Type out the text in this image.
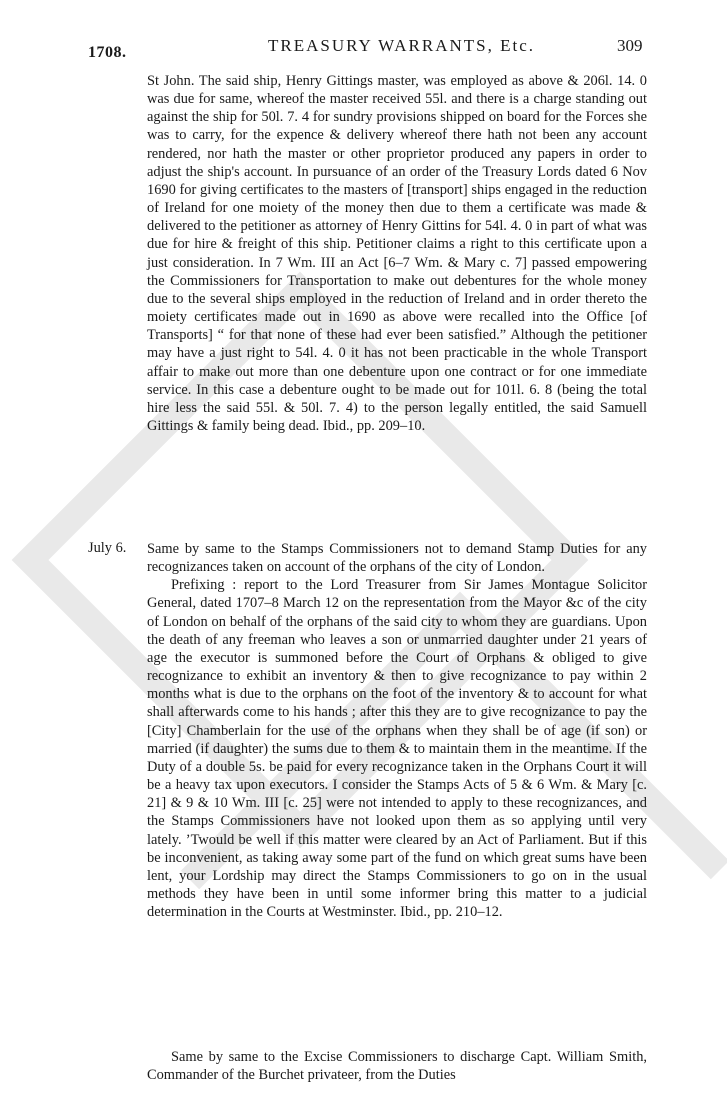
1708.	TREASURY WARRANTS, Etc.	309

St John. The said ship, Henry Gittings master, was employed as above & 206l. 14. 0 was due for same, whereof the master received 55l. and there is a charge standing out against the ship for 50l. 7. 4 for sundry provisions shipped on board for the Forces she was to carry, for the expence & delivery whereof there hath not been any account rendered, nor hath the master or other proprietor produced any papers in order to adjust the ship's account. In pursuance of an order of the Treasury Lords dated 6 Nov 1690 for giving certificates to the masters of [transport] ships engaged in the reduction of Ireland for one moiety of the money then due to them a certificate was made & delivered to the petitioner as attorney of Henry Gittins for 54l. 4. 0 in part of what was due for hire & freight of this ship. Petitioner claims a right to this certificate upon a just consideration. In 7 Wm. III an Act [6–7 Wm. & Mary c. 7] passed empowering the Commissioners for Transportation to make out debentures for the whole money due to the several ships employed in the reduction of Ireland and in order thereto the moiety certificates made out in 1690 as above were recalled into the Office [of Transports] “ for that none of these had ever been satisfied.” Although the petitioner may have a just right to 54l. 4. 0 it has not been practicable in the whole Transport affair to make out more than one debenture upon one contract or for one immediate service. In this case a debenture ought to be made out for 101l. 6. 8 (being the total hire less the said 55l. & 50l. 7. 4) to the person legally entitled, the said Samuell Gittings & family being dead. Ibid., pp. 209–10.

July 6. Same by same to the Stamps Commissioners not to demand Stamp Duties for any recognizances taken on account of the orphans of the city of London.

Prefixing : report to the Lord Treasurer from Sir James Montague Solicitor General, dated 1707–8 March 12 on the representation from the Mayor &c of the city of London on behalf of the orphans of the said city to whom they are guardians. Upon the death of any freeman who leaves a son or unmarried daughter under 21 years of age the executor is summoned before the Court of Orphans & obliged to give recognizance to exhibit an inventory & then to give recognizance to pay within 2 months what is due to the orphans on the foot of the inventory & to account for what shall afterwards come to his hands ; after this they are to give recognizance to pay the [City] Chamberlain for the use of the orphans when they shall be of age (if son) or married (if daughter) the sums due to them & to maintain them in the meantime. If the Duty of a double 5s. be paid for every recognizance taken in the Orphans Court it will be a heavy tax upon executors. I consider the Stamps Acts of 5 & 6 Wm. & Mary [c. 21] & 9 & 10 Wm. III [c. 25] were not intended to apply to these recognizances, and the Stamps Commissioners have not looked upon them as so applying until very lately. ’Twould be well if this matter were cleared by an Act of Parliament. But if this be inconvenient, as taking away some part of the fund on which great sums have been lent, your Lordship may direct the Stamps Commissioners to go on in the usual methods they have been in until some informer bring this matter to a judicial determination in the Courts at Westminster. Ibid., pp. 210–12.

Same by same to the Excise Commissioners to discharge Capt. William Smith, Commander of the Burchet privateer, from the Duties
